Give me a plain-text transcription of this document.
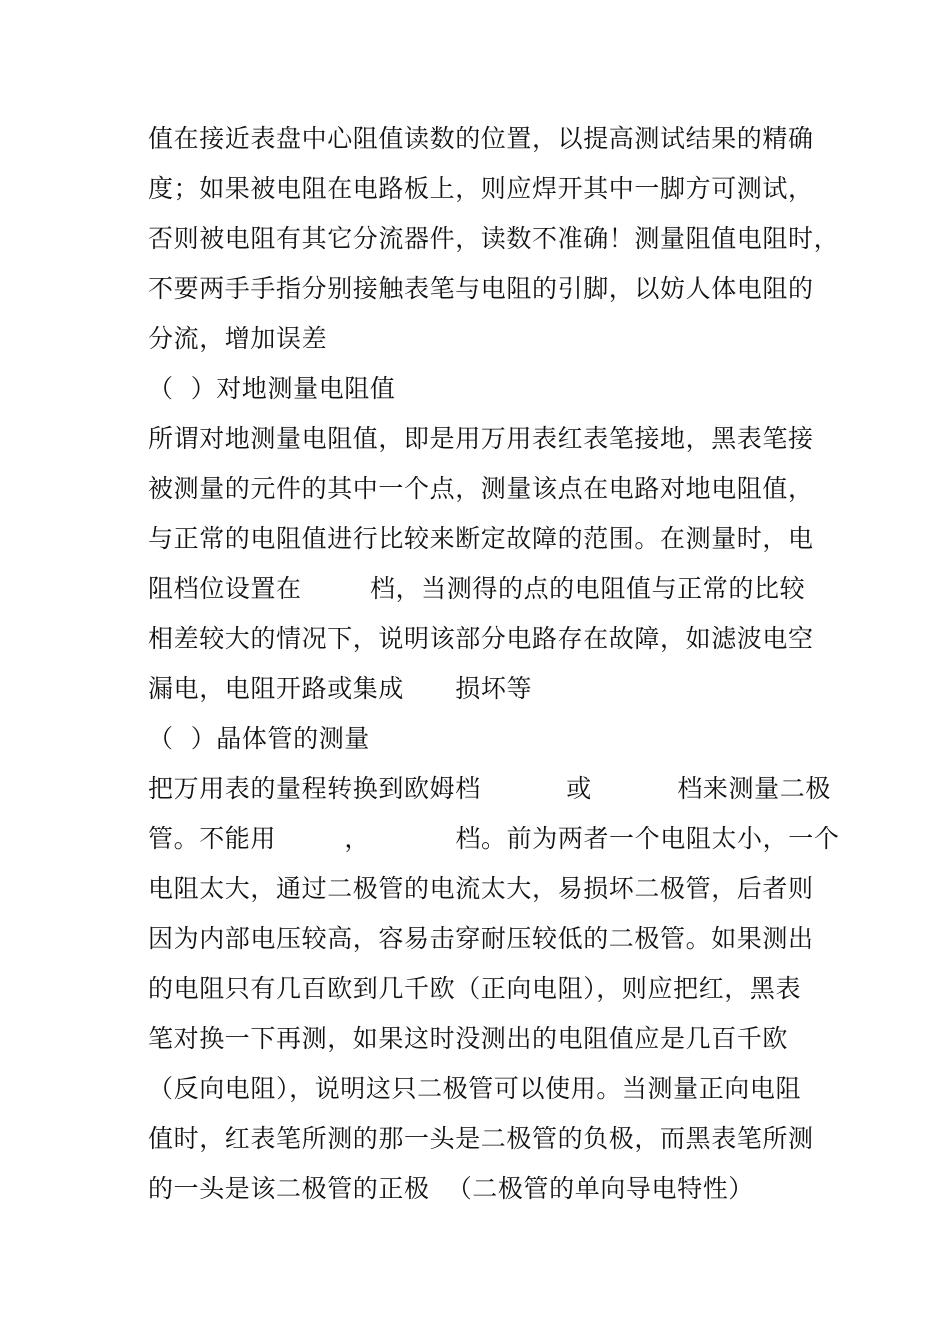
值在接近表盘中心阻值读数的位置，以提高测试结果的精确
度；如果被电阻在电路板上，则应焊开其中一脚方可测试，
否则被电阻有其它分流器件，读数不准确！测量阻值电阻时，
不要两手手指分别接触表笔与电阻的引脚，以妨人体电阻的
分流，增加误差
（  ）对地测量电阻值
所谓对地测量电阻值，即是用万用表红表笔接地，黑表笔接
被测量的元件的其中一个点，测量该点在电路对地电阻值，
与正常的电阻值进行比较来断定故障的范围。在测量时，电
阻档位设置在        档，当测得的点的电阻值与正常的比较
相差较大的情况下，说明该部分电路存在故障，如滤波电空
漏电，电阻开路或集成      损坏等
（  ）晶体管的测量
把万用表的量程转换到欧姆档          或          档来测量二极
管。不能用        ，          档。前为两者一个电阻太小，一个
电阻太大，通过二极管的电流太大，易损坏二极管，后者则
因为内部电压较高，容易击穿耐压较低的二极管。如果测出
的电阻只有几百欧到几千欧（正向电阻），则应把红，黑表
笔对换一下再测，如果这时没测出的电阻值应是几百千欧
（反向电阻），说明这只二极管可以使用。当测量正向电阻
值时，红表笔所测的那一头是二极管的负极，而黑表笔所测
的一头是该二极管的正极  （二极管的单向导电特性）
